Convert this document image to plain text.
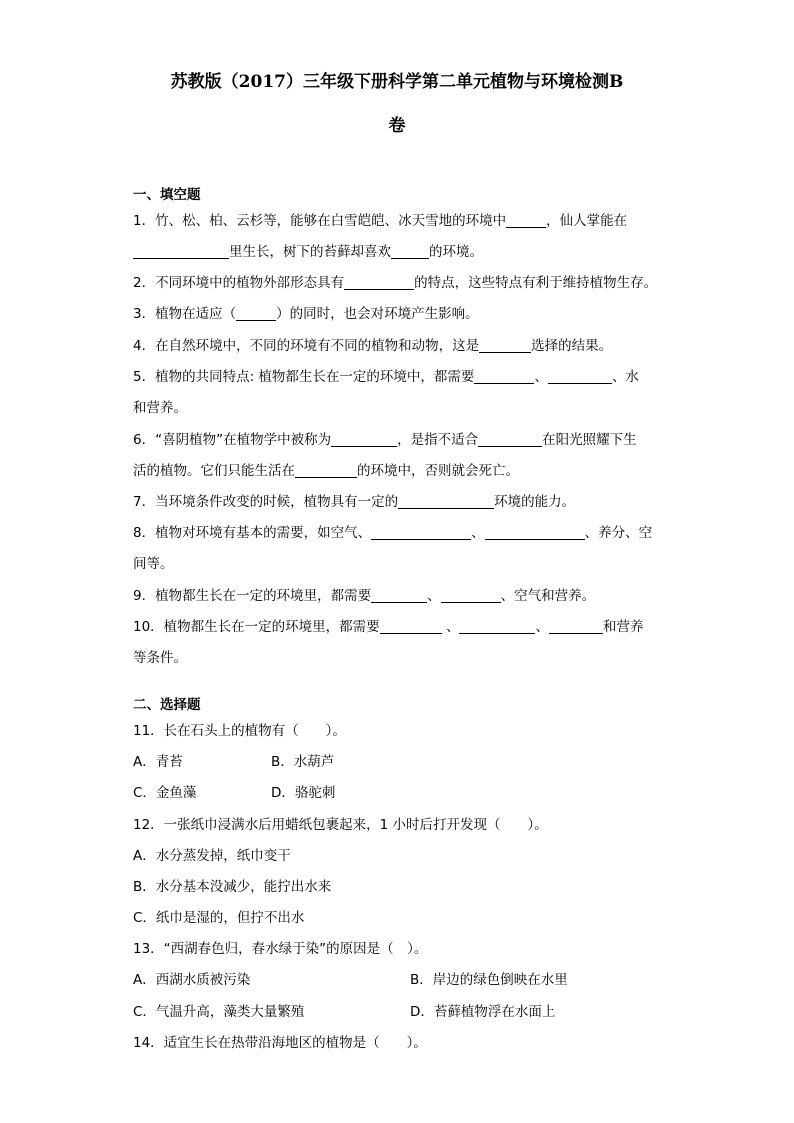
苏教版（2017）三年级下册科学第二单元植物与环境检测B
卷
一、填空题
1．竹、松、柏、云杉等，能够在白雪皑皑、冰天雪地的环境中	，仙人掌能在
里生长，树下的苔藓却喜欢	的环境。
2．不同环境中的植物外部形态具有	的特点，这些特点有利于维持植物生存。
3．植物在适应（	）的同时，也会对环境产生影响。
4．在自然环境中，不同的环境有不同的植物和动物，这是	选择的结果。
5．植物的共同特点: 植物都生长在一定的环境中，都需要	、	、水
和营养。
6．“喜阴植物”在植物学中被称为	，是指不适合	在阳光照耀下生
活的植物。它们只能生活在	的环境中，否则就会死亡。
7．当环境条件改变的时候，植物具有一定的	环境的能力。
8．植物对环境有基本的需要，如空气、	、	、养分、空
间等。
9．植物都生长在一定的环境里，都需要	、	、空气和营养。
10．植物都生长在一定的环境里，都需要	、	、	和营养
等条件。
二、选择题
11．长在石头上的植物有（　　）。
A．青苔	B．水葫芦
C．金鱼藻	D．骆驼刺
12．一张纸巾浸满水后用蜡纸包裹起来，1 小时后打开发现（　　）。
A．水分蒸发掉，纸巾变干
B．水分基本没减少，能拧出水来
C．纸巾是湿的，但拧不出水
13．“西湖春色归，春水绿于染”的原因是（　）。
A．西湖水质被污染	B．岸边的绿色倒映在水里
C．气温升高，藻类大量繁殖	D．苔藓植物浮在水面上
14．适宜生长在热带沿海地区的植物是（　　）。
